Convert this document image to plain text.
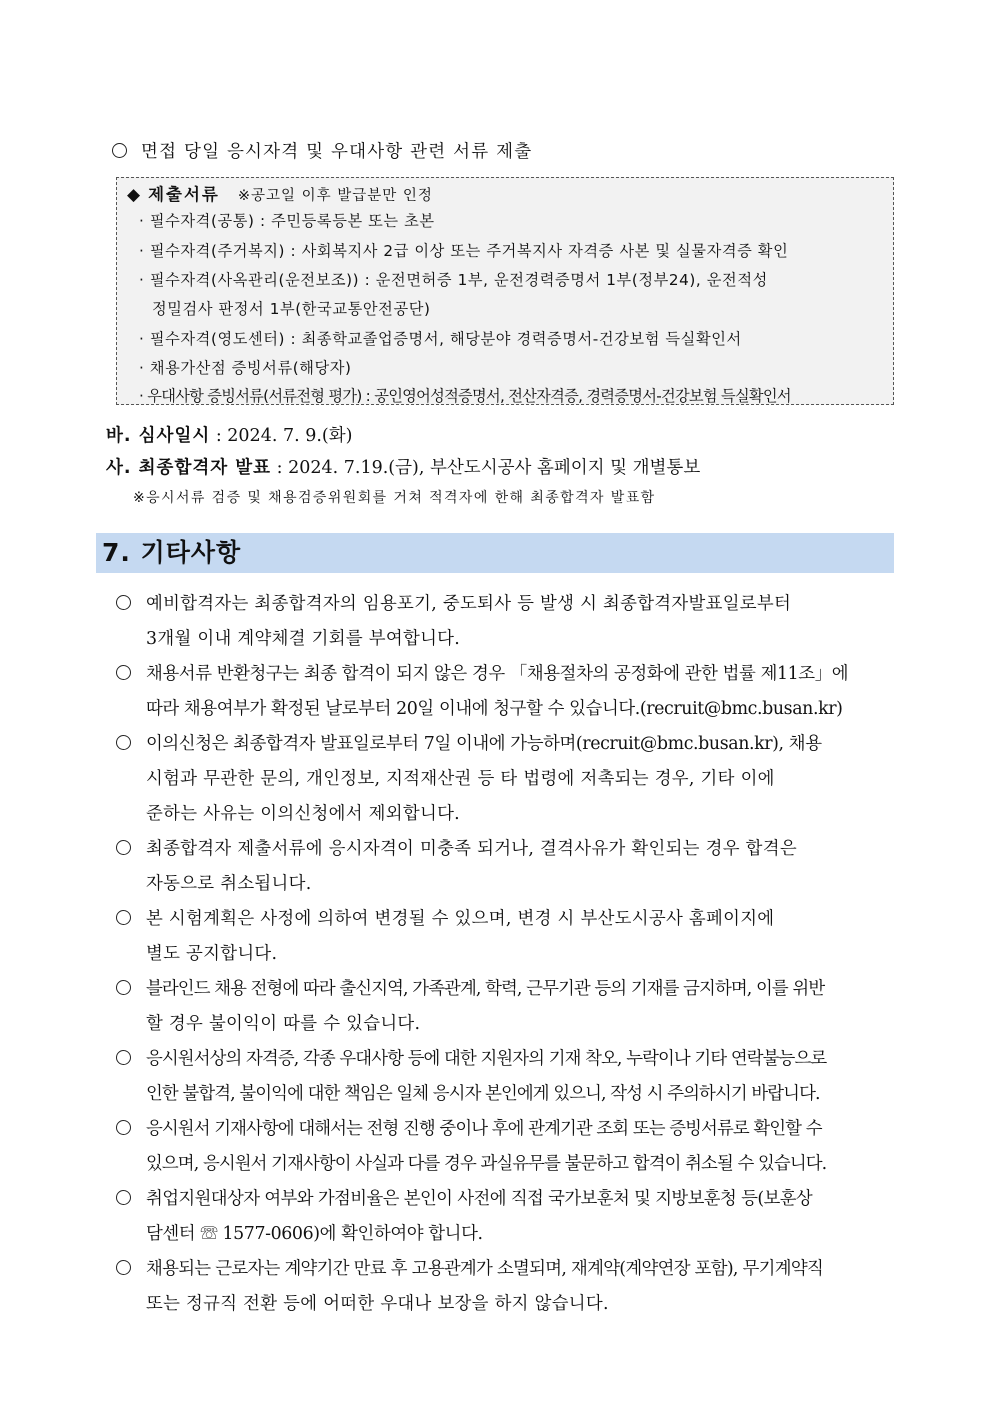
면접 당일 응시자격 및 우대사항 관련 서류 제출
◆ 제출서류 ※공고일 이후 발급분만 인정
· 필수자격(공통) : 주민등록등본 또는 초본
· 필수자격(주거복지) : 사회복지사 2급 이상 또는 주거복지사 자격증 사본 및 실물자격증 확인
· 필수자격(사옥관리(운전보조)) : 운전면허증 1부, 운전경력증명서 1부(정부24), 운전적성
정밀검사 판정서 1부(한국교통안전공단)
· 필수자격(영도센터) : 최종학교졸업증명서, 해당분야 경력증명서-건강보험 득실확인서
· 채용가산점 증빙서류(해당자)
· 우대사항 증빙서류(서류전형 평가) : 공인영어성적증명서, 전산자격증, 경력증명서-건강보험 득실확인서
바. 심사일시 : 2024. 7. 9.(화)
사. 최종합격자 발표 : 2024. 7.19.(금), 부산도시공사 홈페이지 및 개별통보
※응시서류 검증 및 채용검증위원회를 거쳐 적격자에 한해 최종합격자 발표함
7. 기타사항
예비합격자는 최종합격자의 임용포기, 중도퇴사 등 발생 시 최종합격자발표일로부터
3개월 이내 계약체결 기회를 부여합니다.
채용서류 반환청구는 최종 합격이 되지 않은 경우 「채용절차의 공정화에 관한 법률 제11조」에
따라 채용여부가 확정된 날로부터 20일 이내에 청구할 수 있습니다.(recruit@bmc.busan.kr)
이의신청은 최종합격자 발표일로부터 7일 이내에 가능하며(recruit@bmc.busan.kr), 채용
시험과 무관한 문의, 개인정보, 지적재산권 등 타 법령에 저촉되는 경우, 기타 이에
준하는 사유는 이의신청에서 제외합니다.
최종합격자 제출서류에 응시자격이 미충족 되거나, 결격사유가 확인되는 경우 합격은
자동으로 취소됩니다.
본 시험계획은 사정에 의하여 변경될 수 있으며, 변경 시 부산도시공사 홈페이지에
별도 공지합니다.
블라인드 채용 전형에 따라 출신지역, 가족관계, 학력, 근무기관 등의 기재를 금지하며, 이를 위반
할 경우 불이익이 따를 수 있습니다.
응시원서상의 자격증, 각종 우대사항 등에 대한 지원자의 기재 착오, 누락이나 기타 연락불능으로
인한 불합격, 불이익에 대한 책임은 일체 응시자 본인에게 있으니, 작성 시 주의하시기 바랍니다.
응시원서 기재사항에 대해서는 전형 진행 중이나 후에 관계기관 조회 또는 증빙서류로 확인할 수
있으며, 응시원서 기재사항이 사실과 다를 경우 과실유무를 불문하고 합격이 취소될 수 있습니다.
취업지원대상자 여부와 가점비율은 본인이 사전에 직접 국가보훈처 및 지방보훈청 등(보훈상
담센터 ☏ 1577-0606)에 확인하여야 합니다.
채용되는 근로자는 계약기간 만료 후 고용관계가 소멸되며, 재계약(계약연장 포함), 무기계약직
또는 정규직 전환 등에 어떠한 우대나 보장을 하지 않습니다.
